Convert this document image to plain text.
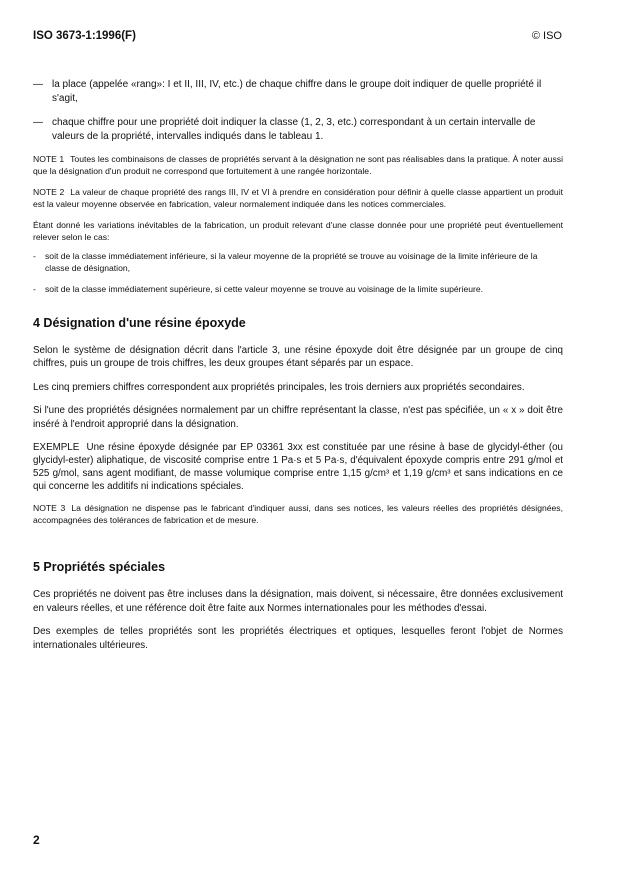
ISO 3673-1:1996(F)	© ISO
— la place (appelée «rang»: I et II, III, IV, etc.) de chaque chiffre dans le groupe doit indiquer de quelle propriété il s'agit,
— chaque chiffre pour une propriété doit indiquer la classe (1, 2, 3, etc.) correspondant à un certain intervalle de valeurs de la propriété, intervalles indiqués dans le tableau 1.
NOTE 1 Toutes les combinaisons de classes de propriétés servant à la désignation ne sont pas réalisables dans la pratique. À noter aussi que la désignation d'un produit ne correspond que fortuitement à une rangée horizontale.
NOTE 2 La valeur de chaque propriété des rangs III, IV et VI à prendre en considération pour définir à quelle classe appartient un produit est la valeur moyenne observée en fabrication, valeur normalement indiquée dans les notices commerciales.
Étant donné les variations inévitables de la fabrication, un produit relevant d'une classe donnée pour une propriété peut éventuellement relever selon le cas:
-	soit de la classe immédiatement inférieure, si la valeur moyenne de la propriété se trouve au voisinage de la limite inférieure de la classe de désignation,
-	soit de la classe immédiatement supérieure, si cette valeur moyenne se trouve au voisinage de la limite supérieure.
4 Désignation d'une résine époxyde
Selon le système de désignation décrit dans l'article 3, une résine époxyde doit être désignée par un groupe de cinq chiffres, puis un groupe de trois chiffres, les deux groupes étant séparés par un espace.
Les cinq premiers chiffres correspondent aux propriétés principales, les trois derniers aux propriétés secondaires.
Si l'une des propriétés désignées normalement par un chiffre représentant la classe, n'est pas spécifiée, un « x » doit être inséré à l'endroit approprié dans la désignation.
EXEMPLE Une résine époxyde désignée par EP 03361 3xx est constituée par une résine à base de glycidyl-éther (ou glycidyl-ester) aliphatique, de viscosité comprise entre 1 Pa·s et 5 Pa·s, d'équivalent époxyde compris entre 291 g/mol et 525 g/mol, sans agent modifiant, de masse volumique comprise entre 1,15 g/cm³ et 1,19 g/cm³ et sans indications en ce qui concerne les additifs ni indications spéciales.
NOTE 3 La désignation ne dispense pas le fabricant d'indiquer aussi, dans ses notices, les valeurs réelles des propriétés désignées, accompagnées des tolérances de fabrication et de mesure.
5 Propriétés spéciales
Ces propriétés ne doivent pas être incluses dans la désignation, mais doivent, si nécessaire, être données exclusivement en valeurs réelles, et une référence doit être faite aux Normes internationales pour les méthodes d'essai.
Des exemples de telles propriétés sont les propriétés électriques et optiques, lesquelles feront l'objet de Normes internationales ultérieures.
2
